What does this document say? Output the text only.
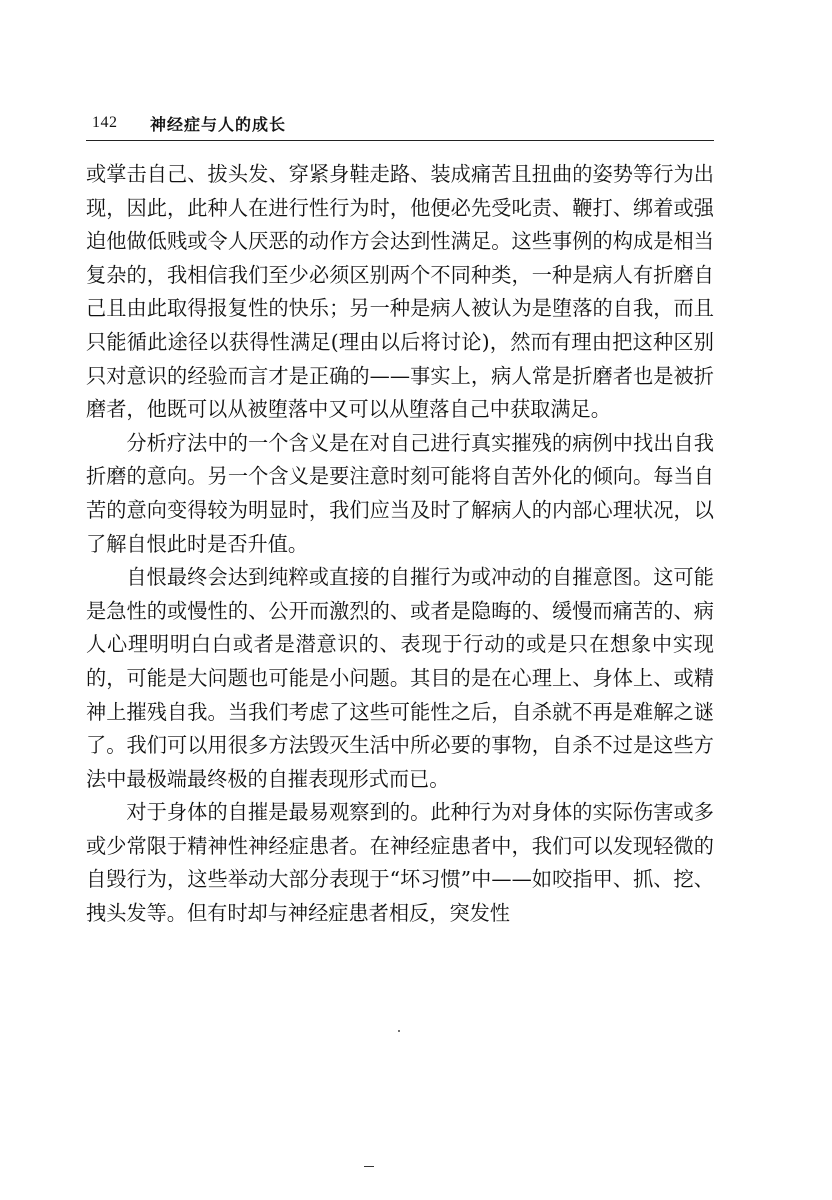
142 神经症与人的成长

或掌击自己、拔头发、穿紧身鞋走路、装成痛苦且扭曲的姿势等行为出现，因此，此种人在进行性行为时，他便必先受叱责、鞭打、绑着或强迫他做低贱或令人厌恶的动作方会达到性满足。这些事例的构成是相当复杂的，我相信我们至少必须区别两个不同种类，一种是病人有折磨自己且由此取得报复性的快乐；另一种是病人被认为是堕落的自我，而且只能循此途径以获得性满足(理由以后将讨论)，然而有理由把这种区别只对意识的经验而言才是正确的——事实上，病人常是折磨者也是被折磨者，他既可以从被堕落中又可以从堕落自己中获取满足。

分析疗法中的一个含义是在对自己进行真实摧残的病例中找出自我折磨的意向。另一个含义是要注意时刻可能将自苦外化的倾向。每当自苦的意向变得较为明显时，我们应当及时了解病人的内部心理状况，以了解自恨此时是否升值。

自恨最终会达到纯粹或直接的自摧行为或冲动的自摧意图。这可能是急性的或慢性的、公开而激烈的、或者是隐晦的、缓慢而痛苦的、病人心理明明白白或者是潜意识的、表现于行动的或是只在想象中实现的，可能是大问题也可能是小问题。其目的是在心理上、身体上、或精神上摧残自我。当我们考虑了这些可能性之后，自杀就不再是难解之谜了。我们可以用很多方法毁灭生活中所必要的事物，自杀不过是这些方法中最极端最终极的自摧表现形式而已。

对于身体的自摧是最易观察到的。此种行为对身体的实际伤害或多或少常限于精神性神经症患者。在神经症患者中，我们可以发现轻微的自毁行为，这些举动大部分表现于“坏习惯”中——如咬指甲、抓、挖、拽头发等。但有时却与神经症患者相反，突发性
